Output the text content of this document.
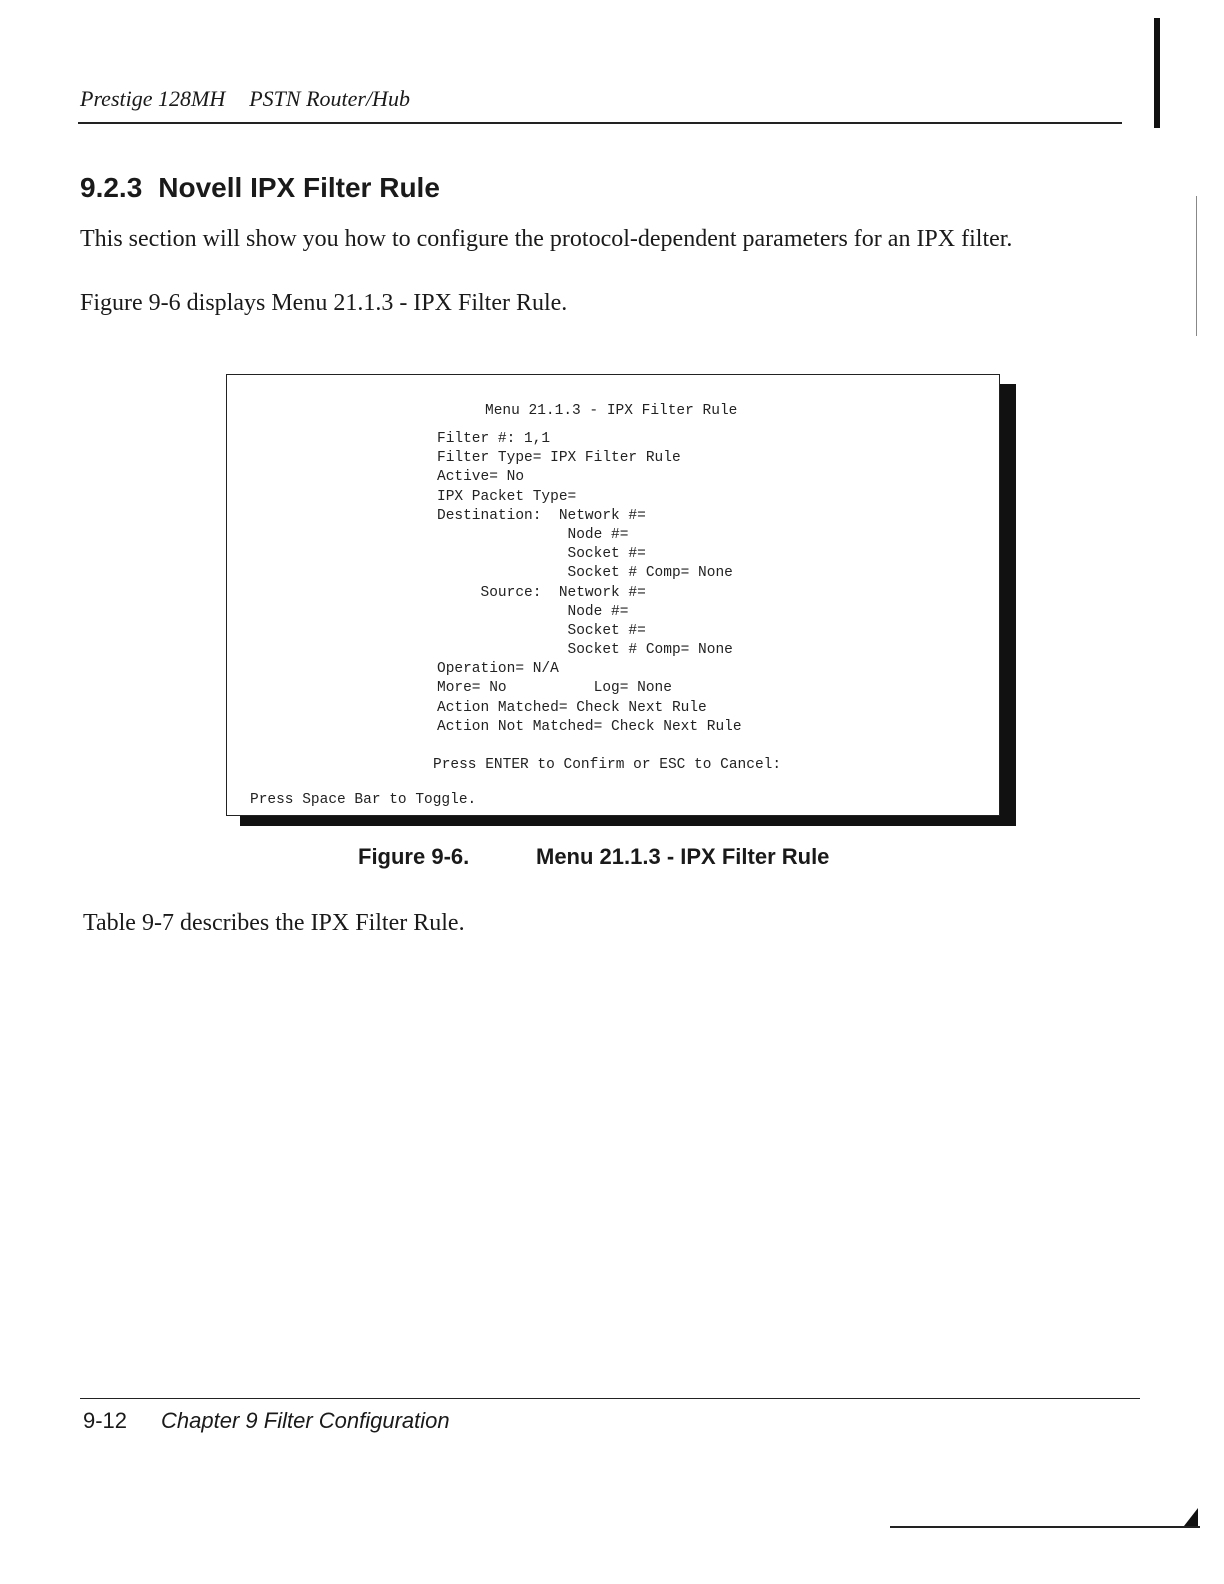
Prestige 128MH PSTN Router/Hub
9.2.3 Novell IPX Filter Rule
This section will show you how to configure the protocol-dependent parameters for an IPX filter.
Figure 9-6 displays Menu 21.1.3 - IPX Filter Rule.
Menu 21.1.3 - IPX Filter Rule
Filter #: 1,1
Filter Type= IPX Filter Rule
Active= No
IPX Packet Type=
Destination:  Network #=
Node #=
Socket #=
Socket # Comp= None
Source:  Network #=
Node #=
Socket #=
Socket # Comp= None
Operation= N/A
More= No          Log= None
Action Matched= Check Next Rule
Action Not Matched= Check Next Rule
Press ENTER to Confirm or ESC to Cancel:
Press Space Bar to Toggle.
Figure 9-6.	Menu 21.1.3 - IPX Filter Rule
Table 9-7 describes the IPX Filter Rule.
9-12 Chapter 9 Filter Configuration
